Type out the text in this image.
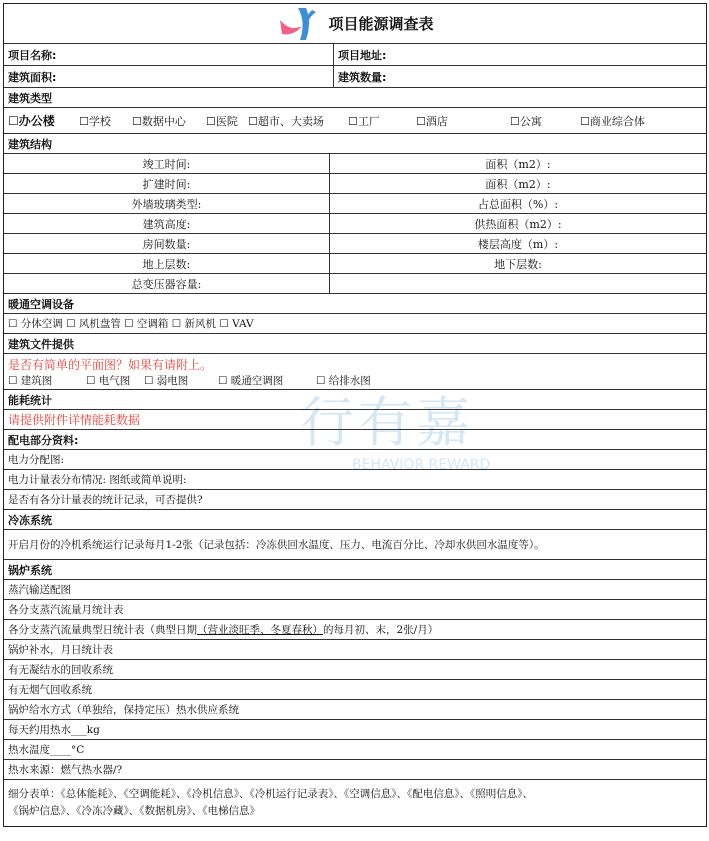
行有嘉
BEHAVIOR REWARD
项目能源调查表
项目名称:	项目地址:
建筑面积:	建筑数量:
建筑类型
☐办公楼 ☐学校 ☐数据中心 ☐医院 ☐超市、大卖场 ☐工厂	☐酒店	☐公寓	☐商业综合体
建筑结构
竣工时间:	面积（m2）:
扩建时间:	面积（m2）:
外墙玻璃类型:	占总面积（%）:
建筑高度:	供热面积（m2）:
房间数量:	楼层高度（m）:
地上层数:	地下层数:
总变压器容量:
暖通空调设备
☐ 分体空调 ☐ 风机盘管 ☐ 空调箱 ☐ 新风机 ☐ VAV
建筑文件提供
是否有简单的平面图？如果有请附上。
☐ 建筑图	☐ 电气图 ☐ 弱电图	☐ 暖通空调图	☐ 给排水图
能耗统计
请提供附件详情能耗数据
配电部分资料:
电力分配图:
电力计量表分布情况: 图纸或简单说明:
是否有各分计量表的统计记录，可否提供?
冷冻系统
开启月份的冷机系统运行记录每月1-2张（记录包括：冷冻供回水温度、压力、电流百分比、冷却水供回水温度等）。
锅炉系统
蒸汽输送配图
各分支蒸汽流量月统计表
各分支蒸汽流量典型日统计表（典型日期 （营业淡旺季、冬夏春秋） 的每月初、末，2张/月）
锅炉补水，月日统计表
有无凝结水的回收系统
有无烟气回收系统
锅炉给水方式（单独给，保持定压）热水供应系统
每天约用热水___kg
热水温度____°C
热水来源：燃气热水器/?
细分表单：《总体能耗》、《空调能耗》、《冷机信息》、《冷机运行记录表》、《空调信息》、《配电信息》、《照明信息》、
《锅炉信息》、《冷冻冷藏》、《数据机房》、《电梯信息》
